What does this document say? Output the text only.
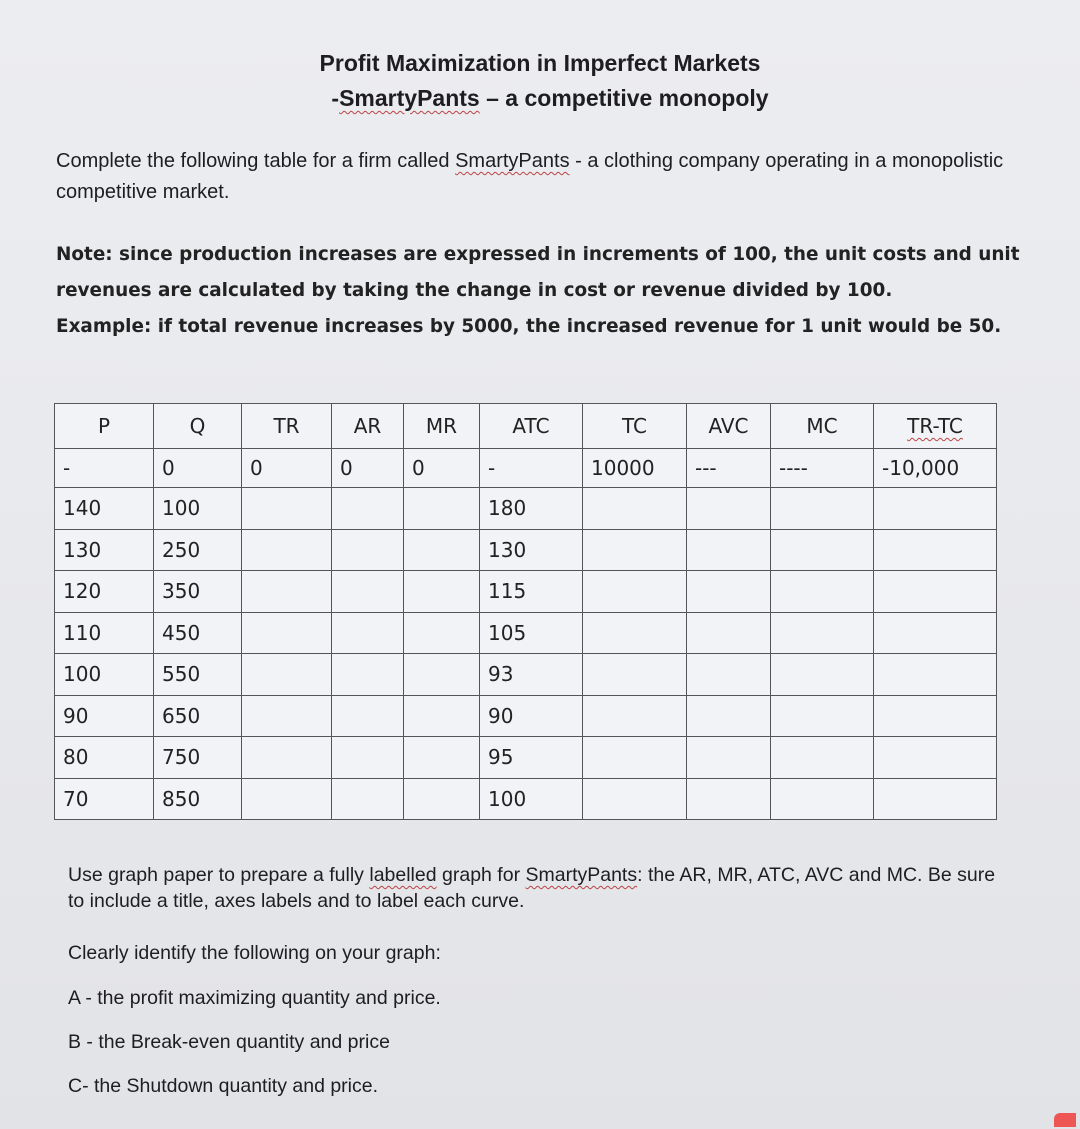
Profit Maximization in Imperfect Markets
-SmartyPants – a competitive monopoly
Complete the following table for a firm called SmartyPants - a clothing company operating in a monopolistic competitive market.
Note: since production increases are expressed in increments of 100, the unit costs and unit
revenues are calculated by taking the change in cost or revenue divided by 100.
Example: if total revenue increases by 5000, the increased revenue for 1 unit would be 50.
P	Q	TR	AR	MR	ATC	TC	AVC	MC	TR-TC
-	0	0	0	0	-	10000	---	----	-10,000
140	100				180				
130	250				130				
120	350				115				
110	450				105				
100	550				93				
90	650				90				
80	750				95				
70	850				100				
Use graph paper to prepare a fully labelled graph for SmartyPants: the AR, MR, ATC, AVC and MC. Be sure to include a title, axes labels and to label each curve.
Clearly identify the following on your graph:
A - the profit maximizing quantity and price.
B - the Break-even quantity and price
C- the Shutdown quantity and price.
